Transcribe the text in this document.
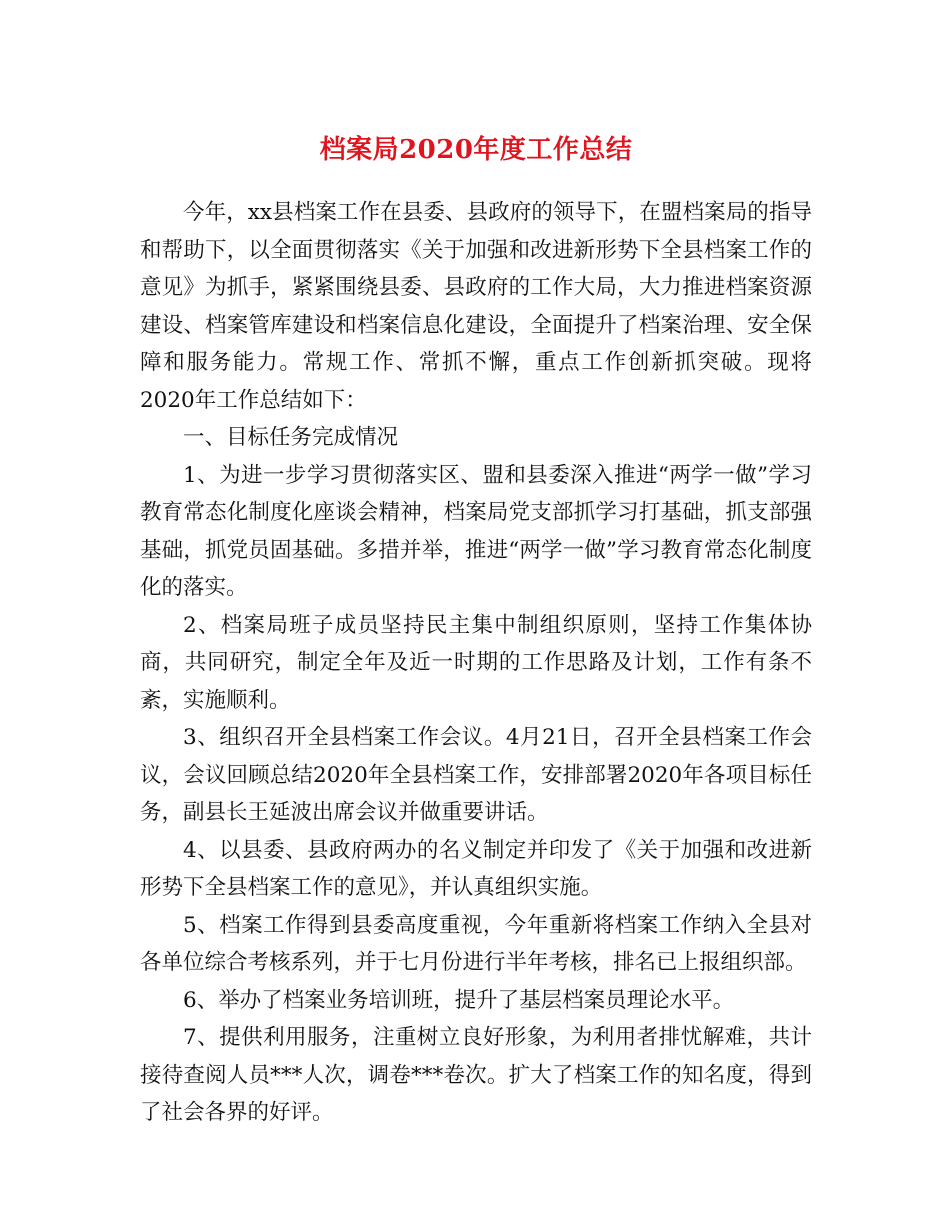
档案局2020年度工作总结

今年，xx县档案工作在县委、县政府的领导下，在盟档案局的指导和帮助下，以全面贯彻落实《关于加强和改进新形势下全县档案工作的意见》为抓手，紧紧围绕县委、县政府的工作大局，大力推进档案资源建设、档案管库建设和档案信息化建设，全面提升了档案治理、安全保障和服务能力。常规工作、常抓不懈，重点工作创新抓突破。现将2020年工作总结如下：

一、目标任务完成情况

1、为进一步学习贯彻落实区、盟和县委深入推进“两学一做”学习教育常态化制度化座谈会精神，档案局党支部抓学习打基础，抓支部强基础，抓党员固基础。多措并举，推进“两学一做”学习教育常态化制度化的落实。

2、档案局班子成员坚持民主集中制组织原则，坚持工作集体协商，共同研究，制定全年及近一时期的工作思路及计划，工作有条不紊，实施顺利。

3、组织召开全县档案工作会议。4月21日，召开全县档案工作会议，会议回顾总结2020年全县档案工作，安排部署2020年各项目标任务，副县长王延波出席会议并做重要讲话。

4、以县委、县政府两办的名义制定并印发了《关于加强和改进新形势下全县档案工作的意见》，并认真组织实施。

5、档案工作得到县委高度重视，今年重新将档案工作纳入全县对各单位综合考核系列，并于七月份进行半年考核，排名已上报组织部。

6、举办了档案业务培训班，提升了基层档案员理论水平。

7、提供利用服务，注重树立良好形象，为利用者排忧解难，共计接待查阅人员***人次，调卷***卷次。扩大了档案工作的知名度，得到了社会各界的好评。
